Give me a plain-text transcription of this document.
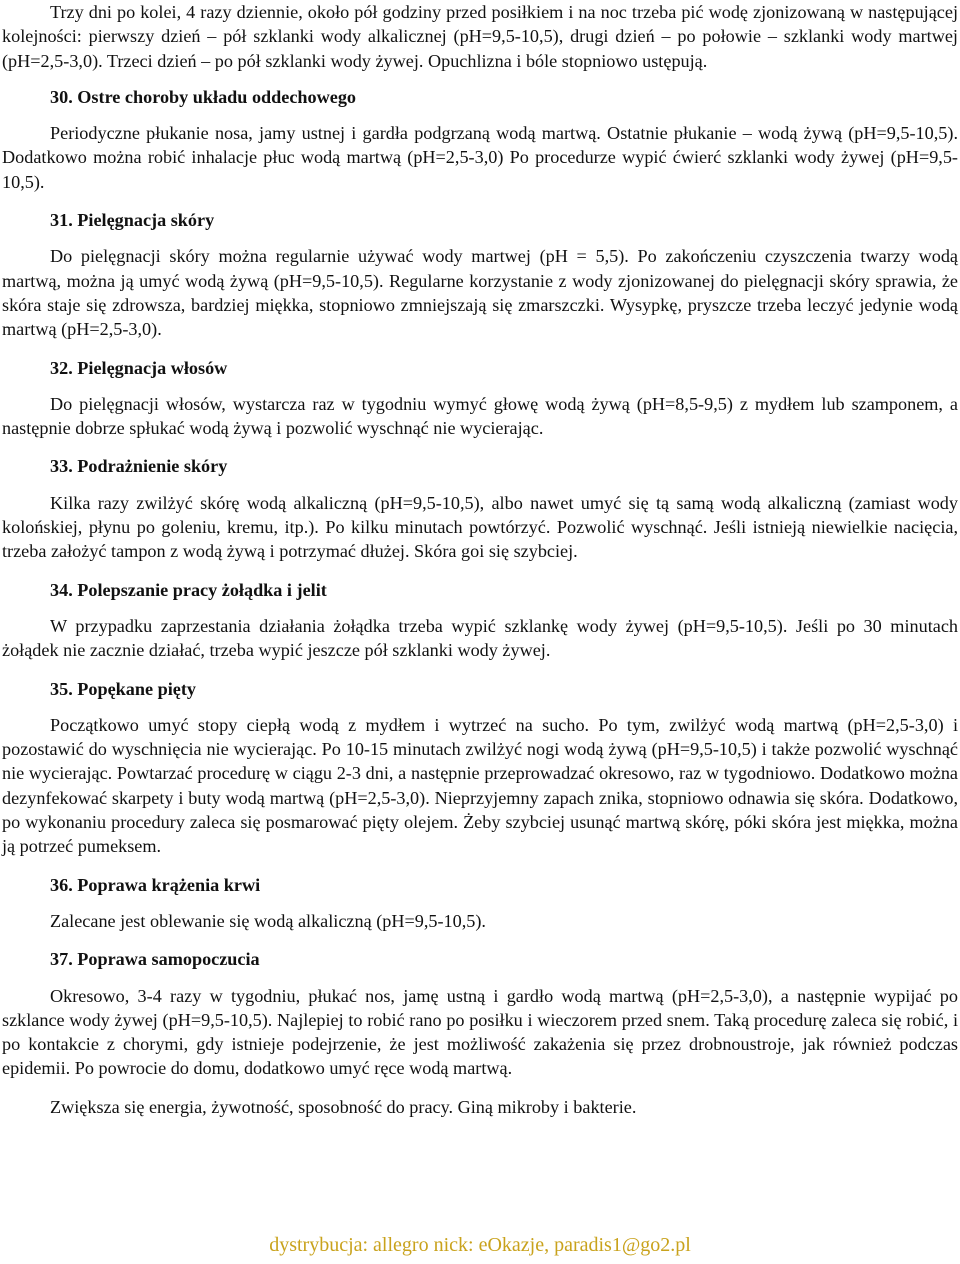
Trzy dni po kolei, 4 razy dziennie, około pół godziny przed posiłkiem i na noc trzeba pić wodę zjonizowaną w następującej kolejności: pierwszy dzień – pół szklanki wody alkalicznej (pH=9,5-10,5), drugi dzień – po połowie – szklanki wody martwej (pH=2,5-3,0). Trzeci dzień – po pół szklanki wody żywej. Opuchlizna i bóle stopniowo ustępują.

30. Ostre choroby układu oddechowego

Periodyczne płukanie nosa, jamy ustnej i gardła podgrzaną wodą martwą. Ostatnie płukanie – wodą żywą (pH=9,5-10,5). Dodatkowo można robić inhalacje płuc wodą martwą (pH=2,5-3,0) Po procedurze wypić ćwierć szklanki wody żywej (pH=9,5-10,5).

31. Pielęgnacja skóry

Do pielęgnacji skóry można regularnie używać wody martwej (pH = 5,5). Po zakończeniu czyszczenia twarzy wodą martwą, można ją umyć wodą żywą (pH=9,5-10,5). Regularne korzystanie z wody zjonizowanej do pielęgnacji skóry sprawia, że skóra staje się zdrowsza, bardziej miękka, stopniowo zmniejszają się zmarszczki. Wysypkę, pryszcze trzeba leczyć jedynie wodą martwą (pH=2,5-3,0).

32. Pielęgnacja włosów

Do pielęgnacji włosów, wystarcza raz w tygodniu wymyć głowę wodą żywą (pH=8,5-9,5) z mydłem lub szamponem, a następnie dobrze spłukać wodą żywą i pozwolić wyschnąć nie wycierając.

33. Podrażnienie skóry

Kilka razy zwilżyć skórę wodą alkaliczną (pH=9,5-10,5), albo nawet umyć się tą samą wodą alkaliczną (zamiast wody kolońskiej, płynu po goleniu, kremu, itp.). Po kilku minutach powtórzyć. Pozwolić wyschnąć. Jeśli istnieją niewielkie nacięcia, trzeba założyć tampon z wodą żywą i potrzymać dłużej. Skóra goi się szybciej.

34. Polepszanie pracy żołądka i jelit

W przypadku zaprzestania działania żołądka trzeba wypić szklankę wody żywej (pH=9,5-10,5). Jeśli po 30 minutach żołądek nie zacznie działać, trzeba wypić jeszcze pół szklanki wody żywej.

35. Popękane pięty

Początkowo umyć stopy ciepłą wodą z mydłem i wytrzeć na sucho. Po tym, zwilżyć wodą martwą (pH=2,5-3,0) i pozostawić do wyschnięcia nie wycierając. Po 10-15 minutach zwilżyć nogi wodą żywą (pH=9,5-10,5) i także pozwolić wyschnąć nie wycierając. Powtarzać procedurę w ciągu 2-3 dni, a następnie przeprowadzać okresowo, raz w tygodniowo. Dodatkowo można dezynfekować skarpety i buty wodą martwą (pH=2,5-3,0). Nieprzyjemny zapach znika, stopniowo odnawia się skóra. Dodatkowo, po wykonaniu procedury zaleca się posmarować pięty olejem. Żeby szybciej usunąć martwą skórę, póki skóra jest miękka, można ją potrzeć pumeksem.

36. Poprawa krążenia krwi

Zalecane jest oblewanie się wodą alkaliczną (pH=9,5-10,5).

37. Poprawa samopoczucia

Okresowo, 3-4 razy w tygodniu, płukać nos, jamę ustną i gardło wodą martwą (pH=2,5-3,0), a następnie wypijać po szklance wody żywej (pH=9,5-10,5). Najlepiej to robić rano po posiłku i wieczorem przed snem. Taką procedurę zaleca się robić, i po kontakcie z chorymi, gdy istnieje podejrzenie, że jest możliwość zakażenia się przez drobnoustroje, jak również podczas epidemii. Po powrocie do domu, dodatkowo umyć ręce wodą martwą.

Zwiększa się energia, żywotność, sposobność do pracy. Giną mikroby i bakterie.

dystrybucja: allegro nick: eOkazje, paradis1@go2.pl
